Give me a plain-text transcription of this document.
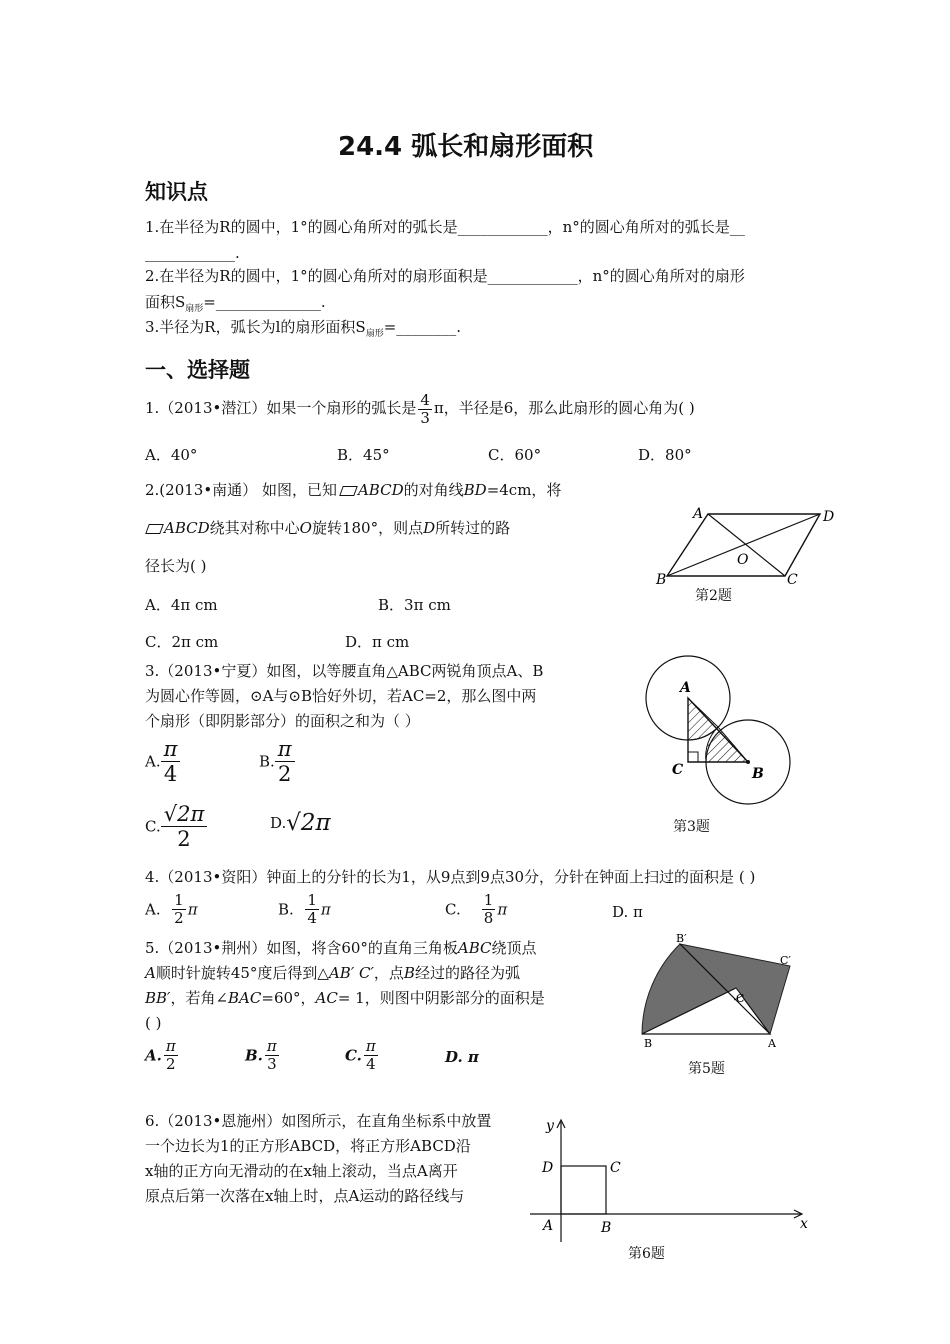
24.4 弧长和扇形面积
知识点
1.在半径为R的圆中，1°的圆心角所对的弧长是____________，n°的圆心角所对的弧长是__
____________.
2.在半径为R的圆中，1°的圆心角所对的扇形面积是____________，n°的圆心角所对的扇形
面积$S_{扇形}=\_\_\_\_\_\_\_\_\_\_\_\_\_\_$.
3.半径为R，弧长为l的扇形面积$S_{扇形}=\_\_\_\_\_\_\_\_$.
一、选择题
1.（2013•潜江）如果一个扇形的弧长是 $\frac{4}{3}$ π，半径是6，那么此扇形的圆心角为( )
A．40°	B．45°	C．60°	D．80°
2.(2013•南通） 如图，已知 ABCD的对角线BD=4cm，将
ABCD绕其对称中心O旋转180°，则点D所转过的路
径长为( )
A．4π cm	B．3π cm
C．2π cm	D．π cm
A	D
O
B	C
第2题
3.（2013•宁夏）如图，以等腰直角△ABC两锐角顶点A、B
为圆心作等圆，⊙A与⊙B恰好外切，若AC=2，那么图中两
个扇形（即阴影部分）的面积之和为（ ）
A. $\frac{\pi}{4}$	B. $\frac{\pi}{2}$
C. $\frac{√2\pi}{2}$	D.√2π
A
C	B
第3题
4.（2013•资阳）钟面上的分针的长为1，从9点到9点30分，分针在钟面上扫过的面积是 ( )
A. $\frac{1}{2}$ π	B. $\frac{1}{4}$ π	C. $\frac{1}{8}$ π	D. π
5.（2013•荆州）如图，将含60°的直角三角板ABC绕顶点
A顺时针旋转45°度后得到△AB′ C′，点B经过的路径为弧
BB′，若角∠BAC=60°，AC= 1，则图中阴影部分的面积是
( )
A. $\frac{\pi}{2}$	B. $\frac{\pi}{3}$	C. $\frac{\pi}{4}$	D. π
B′
C′
C
B	A
第5题
6.（2013•恩施州）如图所示，在直角坐标系中放置
一个边长为1的正方形ABCD，将正方形ABCD沿
x轴的正方向无滑动的在x轴上滚动，当点A离开
原点后第一次落在x轴上时，点A运动的路径线与
y
x
D	C
A	B
第6题
